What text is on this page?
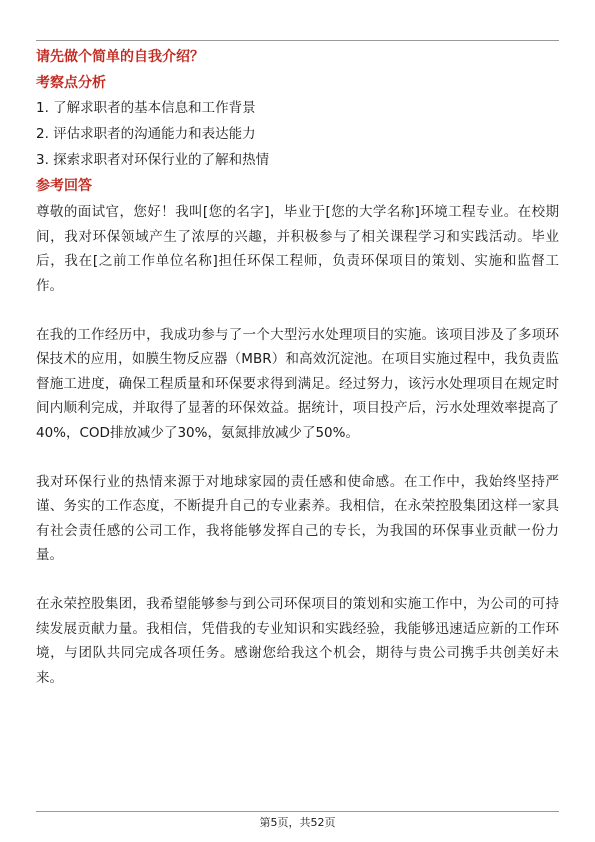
请先做个简单的自我介绍？
考察点分析
1. 了解求职者的基本信息和工作背景
2. 评估求职者的沟通能力和表达能力
3. 探索求职者对环保行业的了解和热情
参考回答

尊敬的面试官，您好！我叫[您的名字]，毕业于[您的大学名称]环境工程专业。在校期间，我对环保领域产生了浓厚的兴趣，并积极参与了相关课程学习和实践活动。毕业后，我在[之前工作单位名称]担任环保工程师，负责环保项目的策划、实施和监督工作。

在我的工作经历中，我成功参与了一个大型污水处理项目的实施。该项目涉及了多项环保技术的应用，如膜生物反应器（MBR）和高效沉淀池。在项目实施过程中，我负责监督施工进度，确保工程质量和环保要求得到满足。经过努力，该污水处理项目在规定时间内顺利完成，并取得了显著的环保效益。据统计，项目投产后，污水处理效率提高了40%，COD排放减少了30%，氨氮排放减少了50%。

我对环保行业的热情来源于对地球家园的责任感和使命感。在工作中，我始终坚持严谨、务实的工作态度，不断提升自己的专业素养。我相信，在永荣控股集团这样一家具有社会责任感的公司工作，我将能够发挥自己的专长，为我国的环保事业贡献一份力量。

在永荣控股集团，我希望能够参与到公司环保项目的策划和实施工作中，为公司的可持续发展贡献力量。我相信，凭借我的专业知识和实践经验，我能够迅速适应新的工作环境，与团队共同完成各项任务。感谢您给我这个机会，期待与贵公司携手共创美好未来。

第5页，共52页
